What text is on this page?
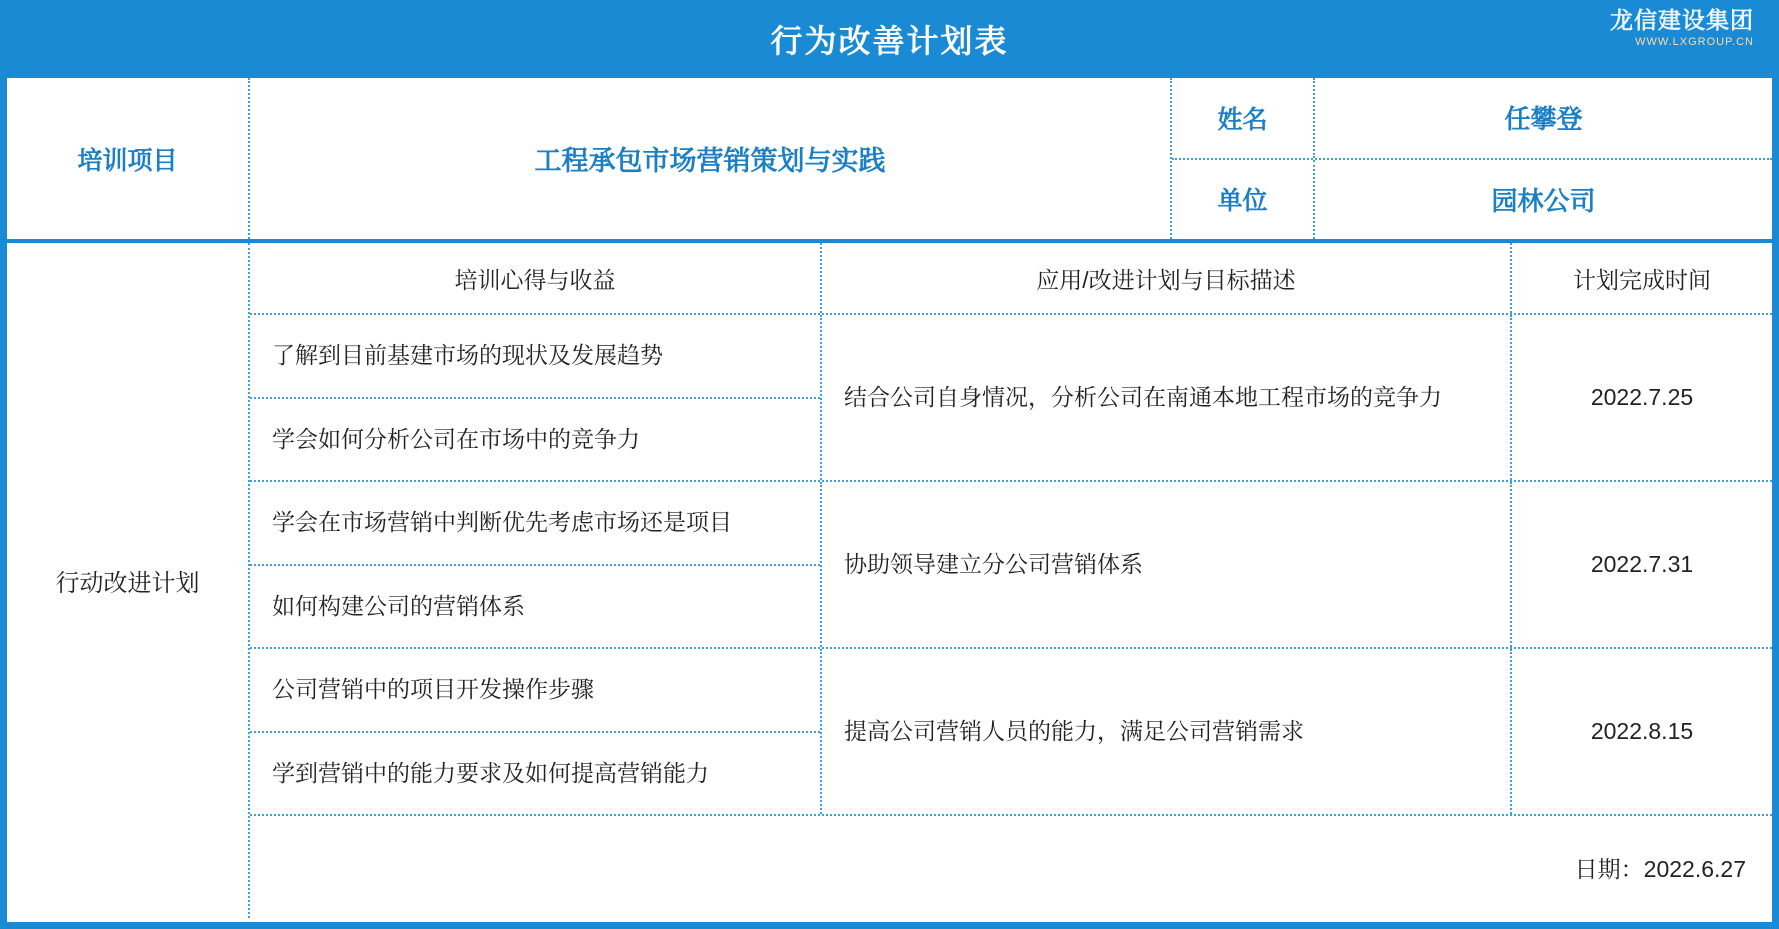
行为改善计划表
龙信建设集团
WWW.LXGROUP.CN
培训项目	工程承包市场营销策划与实践
姓名	任攀登
单位	园林公司
行动改进计划
培训心得与收益	应用/改进计划与目标描述	计划完成时间
了解到目前基建市场的现状及发展趋势
学会如何分析公司在市场中的竞争力
结合公司自身情况，分析公司在南通本地工程市场的竞争力	2022.7.25
学会在市场营销中判断优先考虑市场还是项目
如何构建公司的营销体系
协助领导建立分公司营销体系	2022.7.31
公司营销中的项目开发操作步骤
学到营销中的能力要求及如何提高营销能力
提高公司营销人员的能力，满足公司营销需求	2022.8.15
日期：2022.6.27
